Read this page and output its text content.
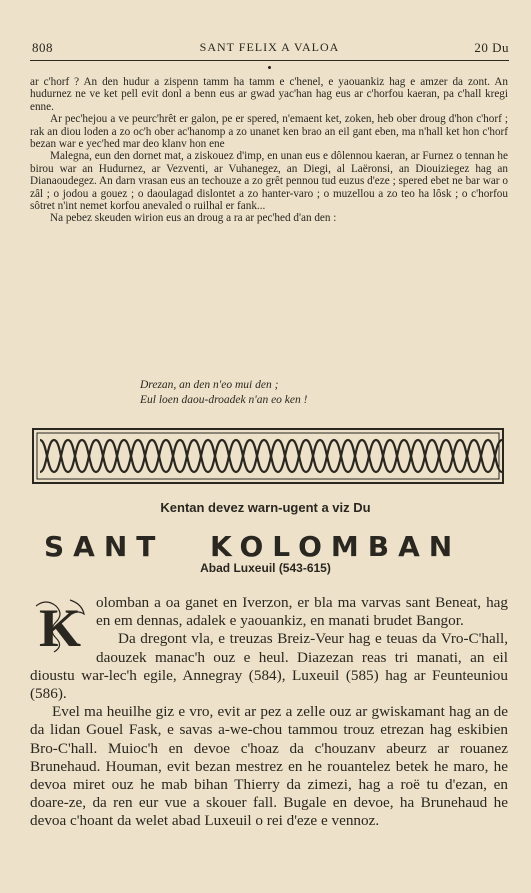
808	SANT FELIX A VALOA	20 Du

ar c'horf ? An den hudur a zispenn tamm ha tamm e c'henel, e yaouankiz hag e amzer da zont. An hudurnez ne ve ket pell evit donl a benn eus ar gwad yac'han hag eus ar c'horfou kaeran, pa c'hall kregi enne.

Ar pec'hejou a ve peurc'hrêt er galon, pe er spered, n'emaent ket, zoken, heb ober droug d'hon c'horf ; rak an diou loden a zo oc'h ober ac'hanomp a zo unanet ken brao an eil gant eben, ma n'hall ket hon c'horf bezan war e yec'hed mar deo klanv hon ene

Malegna, eun den dornet mat, a ziskouez d'imp, en unan eus e dôlennou kaeran, ar Furnez o tennan he birou war an Hudurnez, ar Vezventi, ar Vuhanegez, an Diegi, al Laëronsi, an Diouiziegez hag an Dianaoudegez. An darn vrasan eus an techouze a zo grêt pennou tud euzus d'eze ; spered ebet ne bar war o zâl ; o jodou a gouez ; o daoulagad dislontet a zo hanter-varo ; o muzellou a zo teo ha lôsk ; o c'horfou sôtret n'int nemet korfou anevaled o ruilhal er fank...

Na pebez skeuden wirion eus an droug a ra ar pec'hed d'an den :

Drezan, an den n'eo mui den ;
Eul loen daou-droadek n'an eo ken !
Kentan devez warn-ugent a viz Du
SANT KOLOMBAN
Abad Luxeuil (543-615)

K olomban a oa ganet en Iverzon, er bla ma varvas sant Beneat, hag en em dennas, adalek e yaouankiz, en manati brudet Bangor.

Da dregont vla, e treuzas Breiz-Veur hag e teuas da Vro-C'hall, daouzek manac'h ouz e heul. Diazezan reas tri manati, an eil dioustu war-lec'h egile, Annegray (584), Luxeuil (585) hag ar Feunteuniou (586).

Evel ma heuilhe giz e vro, evit ar pez a zelle ouz ar gwiskamant hag an de da lidan Gouel Fask, e savas a-we-chou tammou trouz etrezan hag eskibien Bro-C'hall. Muioc'h en devoe c'hoaz da c'houzanv abeurz ar rouanez Brunehaud. Houman, evit bezan mestrez en he rouantelez betek he maro, he devoa miret ouz he mab bihan Thierry da zimezi, hag a roë tu d'ezan, en doare-ze, da ren eur vue a skouer fall. Bugale en devoe, ha Brunehaud he devoa c'hoant da welet abad Luxeuil o rei d'eze e vennoz.
